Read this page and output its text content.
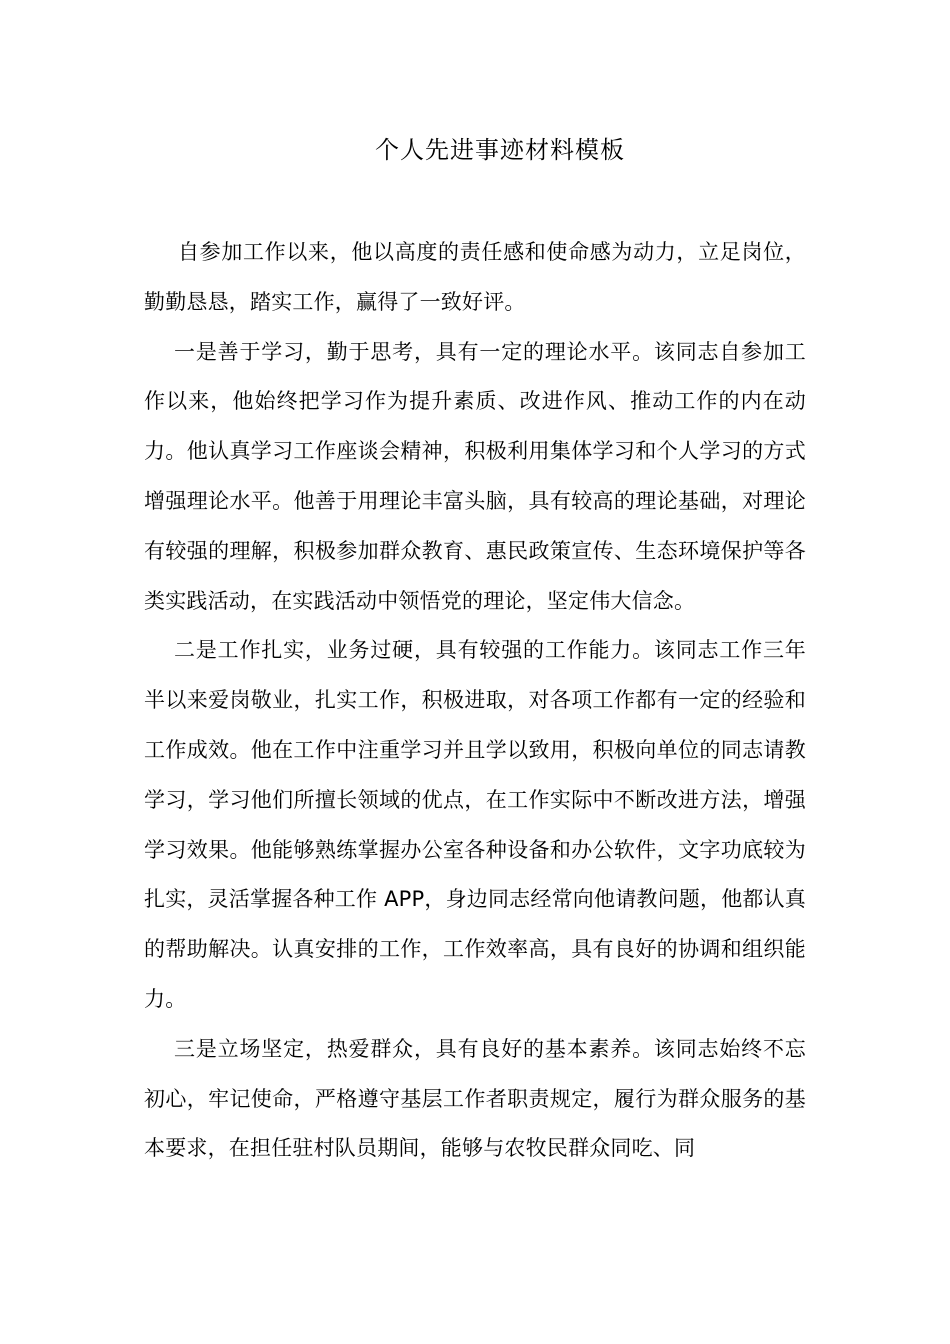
个人先进事迹材料模板

自参加工作以来，他以高度的责任感和使命感为动力，立足岗位，勤勤恳恳，踏实工作，赢得了一致好评。

一是善于学习，勤于思考，具有一定的理论水平。该同志自参加工作以来，他始终把学习作为提升素质、改进作风、推动工作的内在动力。他认真学习工作座谈会精神，积极利用集体学习和个人学习的方式增强理论水平。他善于用理论丰富头脑，具有较高的理论基础，对理论有较强的理解，积极参加群众教育、惠民政策宣传、生态环境保护等各类实践活动，在实践活动中领悟党的理论，坚定伟大信念。

二是工作扎实，业务过硬，具有较强的工作能力。该同志工作三年半以来爱岗敬业，扎实工作，积极进取，对各项工作都有一定的经验和工作成效。他在工作中注重学习并且学以致用，积极向单位的同志请教学习，学习他们所擅长领域的优点，在工作实际中不断改进方法，增强学习效果。他能够熟练掌握办公室各种设备和办公软件，文字功底较为扎实，灵活掌握各种工作 APP，身边同志经常向他请教问题，他都认真的帮助解决。认真安排的工作，工作效率高，具有良好的协调和组织能力。

三是立场坚定，热爱群众，具有良好的基本素养。该同志始终不忘初心，牢记使命，严格遵守基层工作者职责规定，履行为群众服务的基本要求，在担任驻村队员期间，能够与农牧民群众同吃、同
